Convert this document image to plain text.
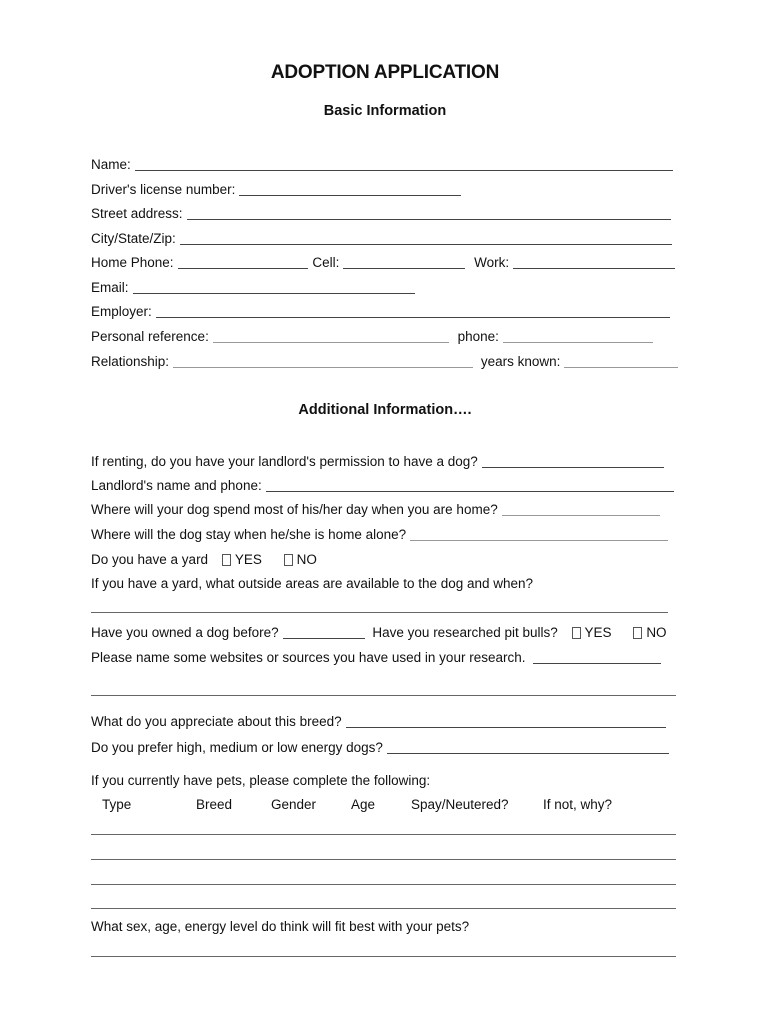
ADOPTION APPLICATION
Basic Information
Name:
Driver's license number:
Street address:
City/State/Zip:
Home Phone:	Cell:	Work:
Email:
Employer:
Personal reference:	phone:
Relationship:	years known:
Additional Information….
If renting, do you have your landlord's permission to have a dog?
Landlord's name and phone:
Where will your dog spend most of his/her day when you are home?
Where will the dog stay when he/she is home alone?
Do you have a yard YES	NO
If you have a yard, what outside areas are available to the dog and when?
Have you owned a dog before?	Have you researched pit bulls? YES	NO
Please name some websites or sources you have used in your research.
What do you appreciate about this breed?
Do you prefer high, medium or low energy dogs?
If you currently have pets, please complete the following:
Type	Breed	Gender	Age	Spay/Neutered?	If not, why?
What sex, age, energy level do think will fit best with your pets?
